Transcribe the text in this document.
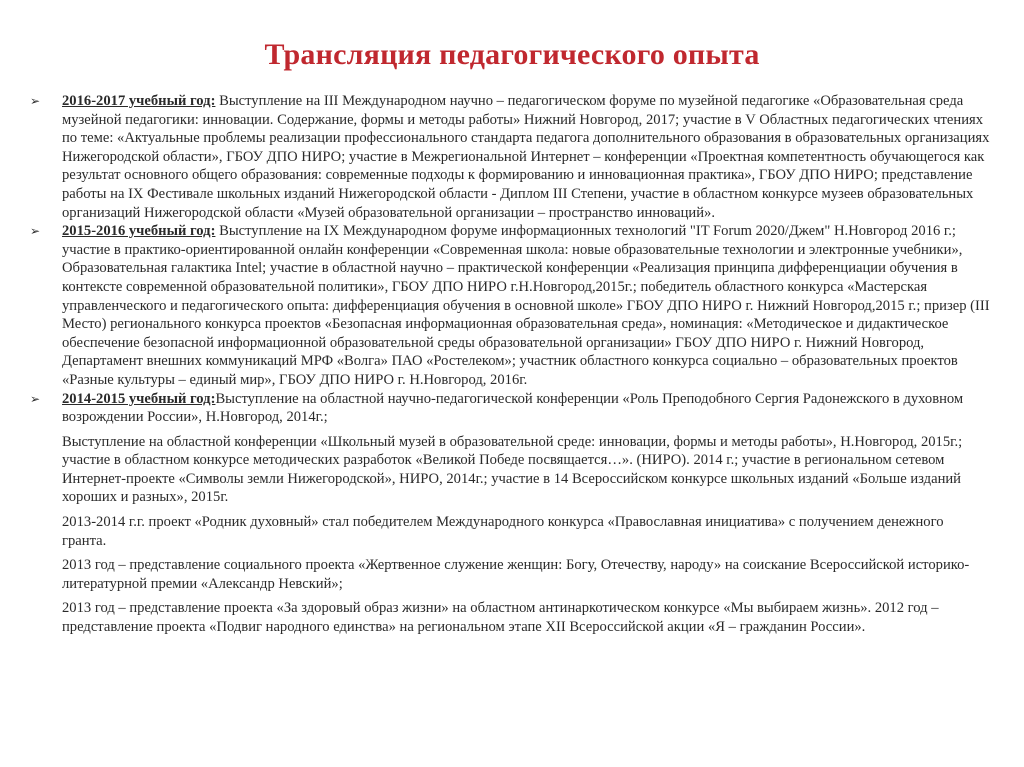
Трансляция педагогического опыта
➢	2016-2017 учебный год: Выступление на III Международном научно – педагогическом форуме по музейной педагогике «Образовательная среда музейной педагогики: инновации. Содержание, формы и методы работы» Нижний Новгород, 2017; участие в V Областных педагогических чтениях по теме: «Актуальные проблемы реализации профессионального стандарта педагога дополнительного образования в образовательных организациях Нижегородской области», ГБОУ ДПО НИРО; участие в Межрегиональной Интернет – конференции «Проектная компетентность обучающегося как результат основного общего образования: современные подходы к формированию и инновационная практика», ГБОУ ДПО НИРО; представление работы на IX Фестивале школьных изданий Нижегородской области - Диплом III Степени, участие в областном конкурсе музеев образовательных организаций Нижегородской области «Музей образовательной организации – пространство инноваций».
➢	2015-2016 учебный год: Выступление на IX Международном форуме информационных технологий "IT Forum 2020/Джем" Н.Новгород 2016 г.; участие в практико-ориентированной онлайн конференции «Современная школа: новые образовательные технологии и электронные учебники», Образовательная галактика Intel; участие в областной научно – практической конференции «Реализация принципа дифференциации обучения в контексте современной образовательной политики», ГБОУ ДПО НИРО г.Н.Новгород,2015г.; победитель областного конкурса «Мастерская управленческого и педагогического опыта: дифференциация обучения в основной школе» ГБОУ ДПО НИРО г. Нижний Новгород,2015 г.; призер (III Место) регионального конкурса проектов «Безопасная информационная образовательная среда», номинация: «Методическое и дидактическое обеспечение безопасной информационной образовательной среды образовательной организации» ГБОУ ДПО НИРО г. Нижний Новгород, Департамент внешних коммуникаций МРФ «Волга» ПАО «Ростелеком»; участник областного конкурса социально – образовательных проектов «Разные культуры – единый мир», ГБОУ ДПО НИРО г. Н.Новгород, 2016г.
➢	2014-2015 учебный год:Выступление на областной научно-педагогической конференции «Роль Преподобного Сергия Радонежского в духовном возрождении России», Н.Новгород, 2014г.;
Выступление на областной конференции «Школьный музей в образовательной среде: инновации, формы и методы работы», Н.Новгород, 2015г.; участие в областном конкурсе методических разработок «Великой Победе посвящается…». (НИРО). 2014 г.; участие в региональном сетевом Интернет-проекте «Символы земли Нижегородской», НИРО, 2014г.; участие в 14 Всероссийском конкурсе школьных изданий «Больше изданий хороших и разных», 2015г.
2013-2014 г.г. проект «Родник духовный» стал победителем Международного конкурса «Православная инициатива» с получением денежного гранта.
2013 год – представление социального проекта «Жертвенное служение женщин: Богу, Отечеству, народу» на соискание Всероссийской историко-литературной премии «Александр Невский»;
2013 год – представление проекта «За здоровый образ жизни» на областном антинаркотическом конкурсе «Мы выбираем жизнь». 2012 год – представление проекта «Подвиг народного единства» на региональном этапе XII Всероссийской акции «Я – гражданин России».
